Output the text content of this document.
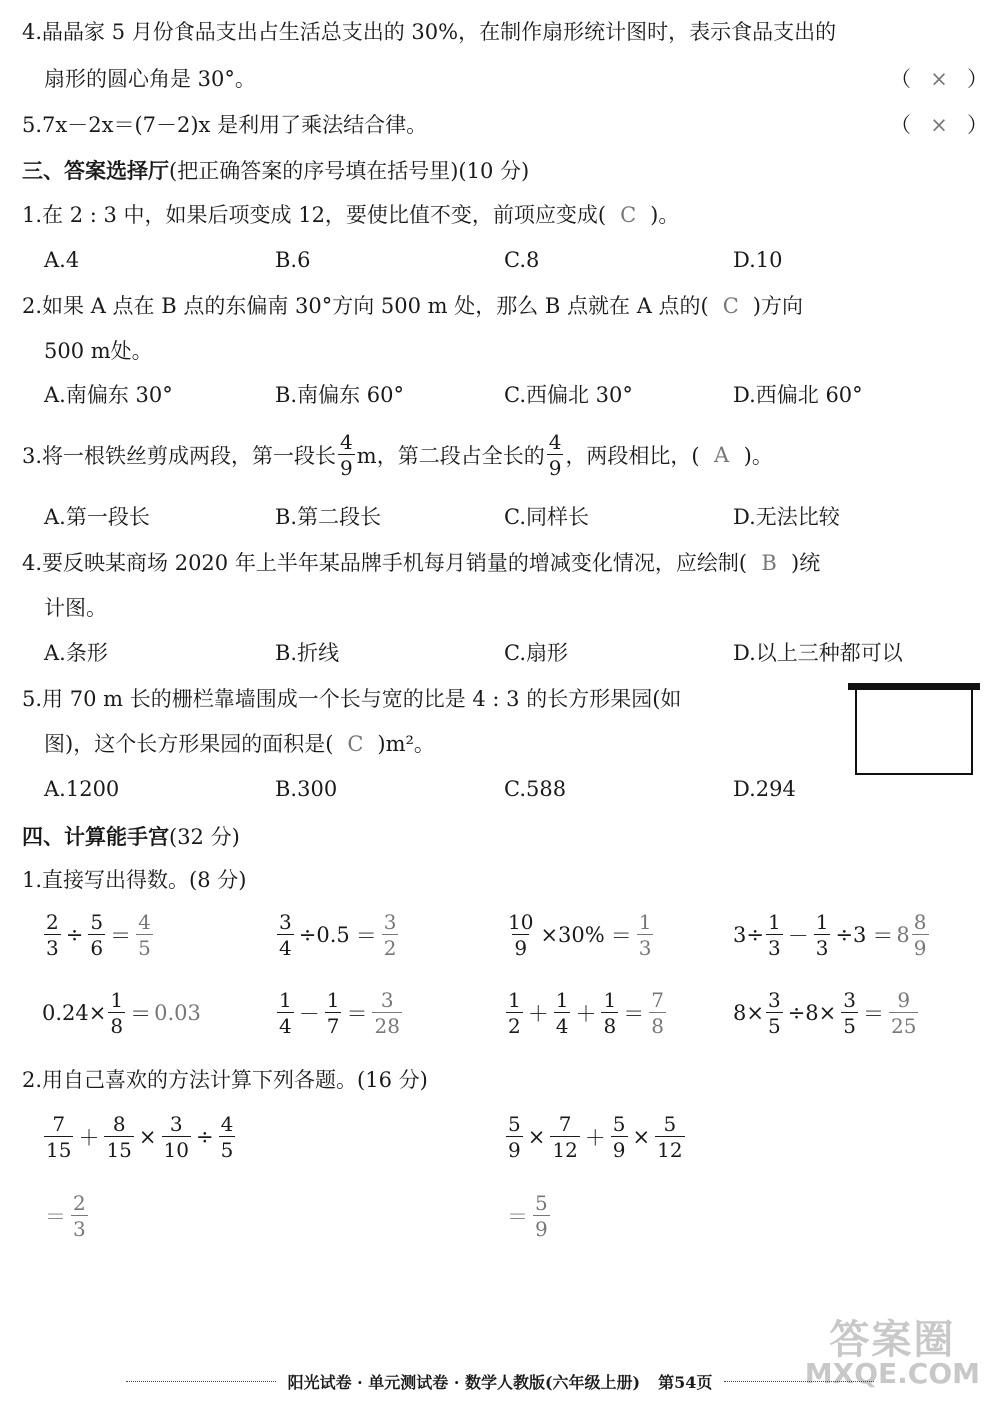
4.晶晶家 5 月份食品支出占生活总支出的 30%，在制作扇形统计图时，表示食品支出的
扇形的圆心角是 30°。	（ × ）
5.7x－2x＝(7－2)x 是利用了乘法结合律。	（ × ）
三、答案选择厅(把正确答案的序号填在括号里)(10 分)
1.在 2 : 3 中，如果后项变成 12，要使比值不变，前项应变成( C )。
A.4	B.6	C.8	D.10
2.如果 A 点在 B 点的东偏南 30°方向 500 m 处，那么 B 点就在 A 点的( C )方向
500 m处。
A.南偏东 30°	B.南偏东 60°	C.西偏北 30°	D.西偏北 60°
3.将一根铁丝剪成两段，第一段长 $\frac{4}{9}$ m，第二段占全长的 $\frac{4}{9}$ ，两段相比，( A )。
A.第一段长	B.第二段长	C.同样长	D.无法比较
4.要反映某商场 2020 年上半年某品牌手机每月销量的增减变化情况，应绘制( B )统
计图。
A.条形	B.折线	C.扇形	D.以上三种都可以
5.用 70 m 长的栅栏靠墙围成一个长与宽的比是 4 : 3 的长方形果园(如
图)，这个长方形果园的面积是( C )m²。
A.1200	B.300	C.588	D.294
四、计算能手宫(32 分)
1.直接写出得数。(8 分)
$\frac{2}{3} \div \frac{5}{6} = \frac{4}{5}$	$\frac{3}{4} \div 0.5 = \frac{3}{2}$	$\frac{10}{9} \times 30\% = \frac{1}{3}$	$3\div \frac{1}{3} - \frac{1}{3} \div 3 = 8 \frac{8}{9}$
$0.24\times \frac{1}{8} = 0.03$	$\frac{1}{4} - \frac{1}{7} = \frac{3}{28}$	$\frac{1}{2} + \frac{1}{4} + \frac{1}{8} = \frac{7}{8}$	$8\times \frac{3}{5} \div 8\times \frac{3}{5} = \frac{9}{25}$
2.用自己喜欢的方法计算下列各题。(16 分)
$\frac{7}{15} + \frac{8}{15} \times \frac{3}{10} \div \frac{4}{5}$
＝ $\frac{2}{3}$
$\frac{5}{9} \times \frac{7}{12} + \frac{5}{9} \times \frac{5}{12}$
＝ $\frac{5}{9}$
答案圈
MXQE.COM
阳光试卷 · 单元测试卷 · 数学人教版(六年级上册) 第54页
